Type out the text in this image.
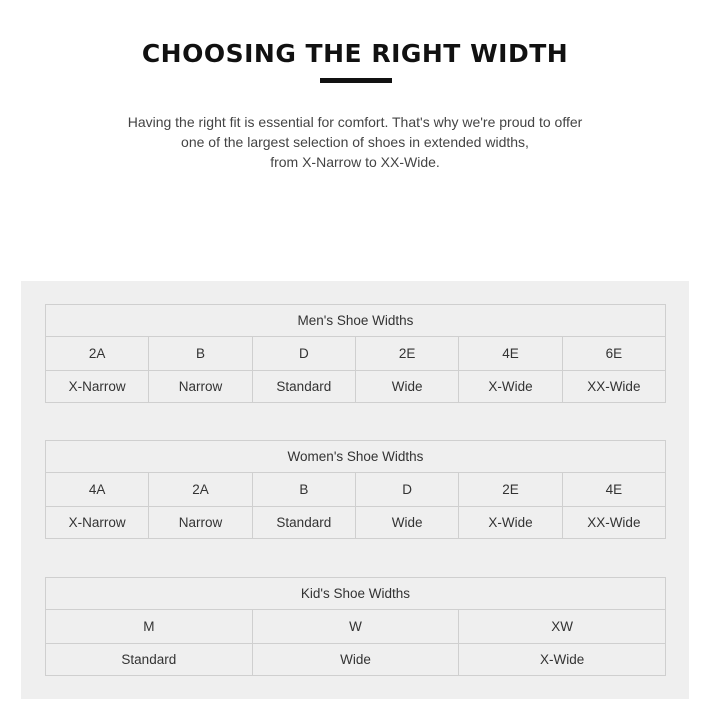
CHOOSING THE RIGHT WIDTH

Having the right fit is essential for comfort. That's why we're proud to offer
one of the largest selection of shoes in extended widths,
from X-Narrow to XX-Wide.

Men's Shoe Widths					
2A	B	D	2E	4E	6E
X-Narrow	Narrow	Standard	Wide	X-Wide	XX-Wide
Women's Shoe Widths					
4A	2A	B	D	2E	4E
X-Narrow	Narrow	Standard	Wide	X-Wide	XX-Wide
Kid's Shoe Widths		
M	W	XW
Standard	Wide	X-Wide
